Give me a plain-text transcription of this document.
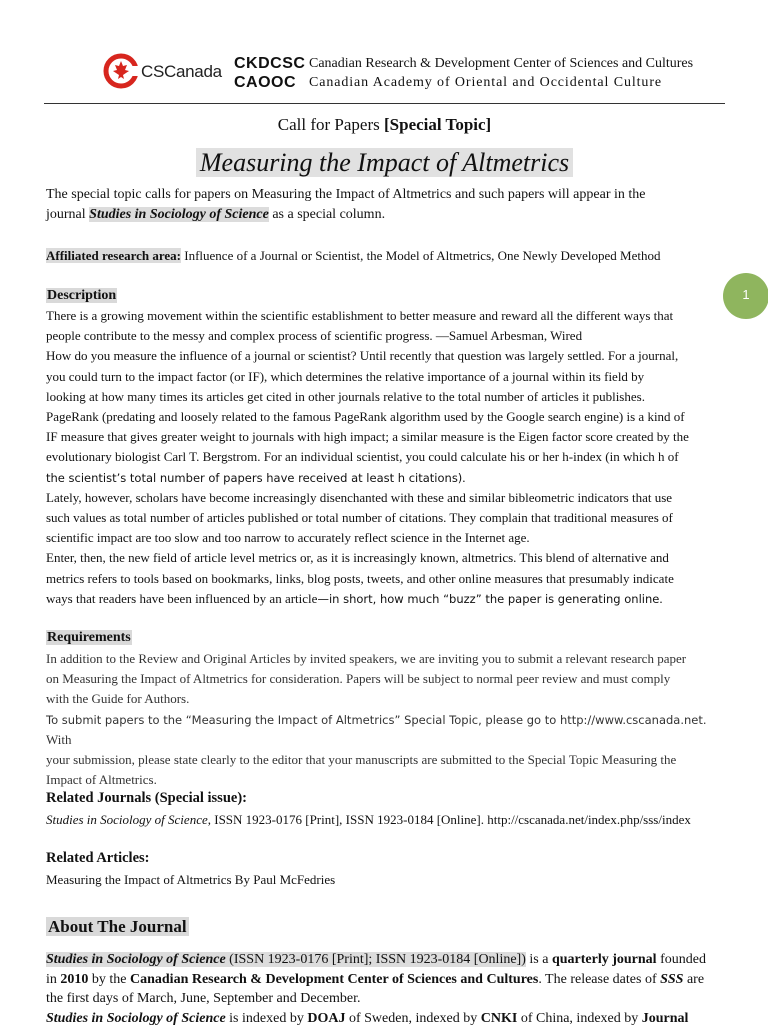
CSCanada CKDCSC Canadian Research & Development Center of Sciences and Cultures
CAOOC Canadian Academy of Oriental and Occidental Culture
Call for Papers [Special Topic]
Measuring the Impact of Altmetrics
The special topic calls for papers on Measuring the Impact of Altmetrics and such papers will appear in the
journal Studies in Sociology of Science as a special column.
Affiliated research area: Influence of a Journal or Scientist, the Model of Altmetrics, One Newly Developed Method
Description
There is a growing movement within the scientific establishment to better measure and reward all the different ways that
people contribute to the messy and complex process of scientific progress. —Samuel Arbesman, Wired
How do you measure the influence of a journal or scientist? Until recently that question was largely settled. For a journal,
you could turn to the impact factor (or IF), which determines the relative importance of a journal within its field by
looking at how many times its articles get cited in other journals relative to the total number of articles it publishes.
PageRank (predating and loosely related to the famous PageRank algorithm used by the Google search engine) is a kind of
IF measure that gives greater weight to journals with high impact; a similar measure is the Eigen factor score created by the
evolutionary biologist Carl T. Bergstrom. For an individual scientist, you could calculate his or her h-index (in which h of
the scientist’s total number of papers have received at least h citations).
Lately, however, scholars have become increasingly disenchanted with these and similar bibleometric indicators that use
such values as total number of articles published or total number of citations. They complain that traditional measures of
scientific impact are too slow and too narrow to accurately reflect science in the Internet age.
Enter, then, the new field of article level metrics or, as it is increasingly known, altmetrics. This blend of alternative and
metrics refers to tools based on bookmarks, links, blog posts, tweets, and other online measures that presumably indicate
ways that readers have been influenced by an article—in short, how much “buzz” the paper is generating online.
Requirements
In addition to the Review and Original Articles by invited speakers, we are inviting you to submit a relevant research paper
on Measuring the Impact of Altmetrics for consideration. Papers will be subject to normal peer review and must comply
with the Guide for Authors.
To submit papers to the “Measuring the Impact of Altmetrics” Special Topic, please go to http://www.cscanada.net. With
your submission, please state clearly to the editor that your manuscripts are submitted to the Special Topic Measuring the
Impact of Altmetrics.
Related Journals (Special issue):
Studies in Sociology of Science, ISSN 1923-0176 [Print], ISSN 1923-0184 [Online]. http://cscanada.net/index.php/sss/index
Related Articles:
Measuring the Impact of Altmetrics By Paul McFedries
About The Journal
Studies in Sociology of Science (ISSN 1923-0176 [Print]; ISSN 1923-0184 [Online]) is a quarterly journal founded
in 2010 by the Canadian Research & Development Center of Sciences and Cultures. The release dates of SSS are
the first days of March, June, September and December.
Studies in Sociology of Science is indexed by DOAJ of Sweden, indexed by CNKI of China, indexed by Journal
1
